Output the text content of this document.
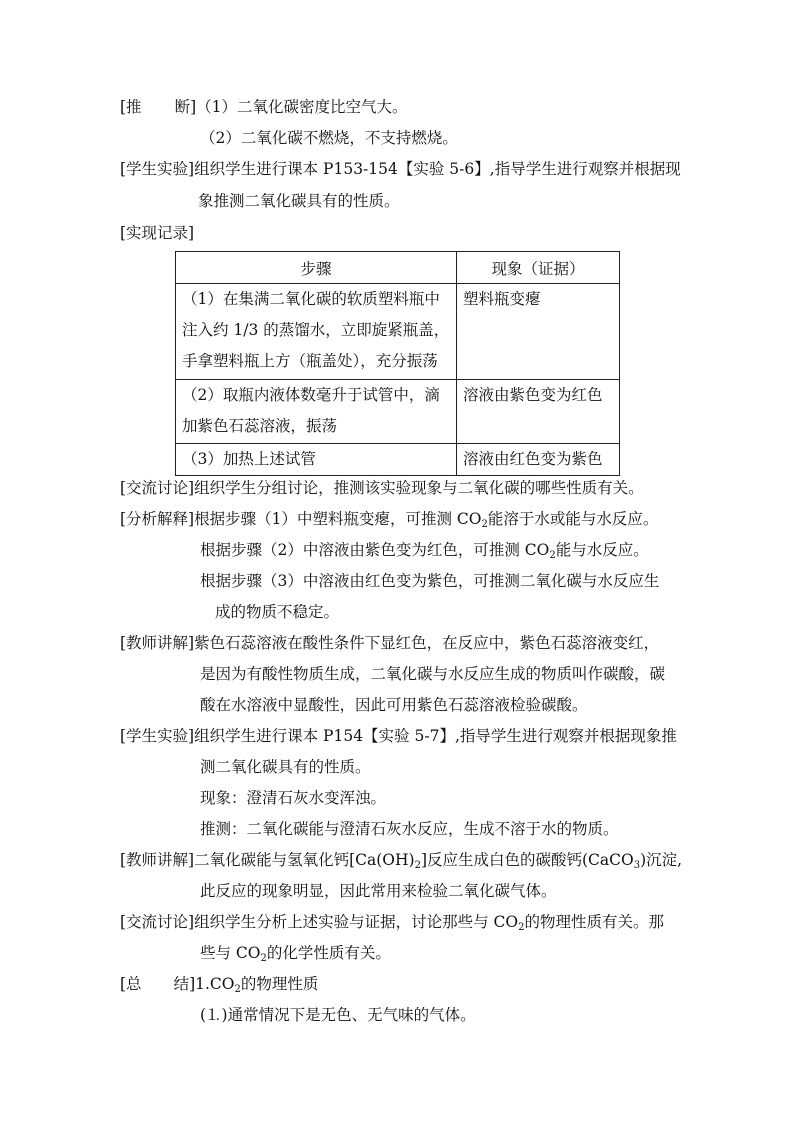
[推 断]（1）二氧化碳密度比空气大。
（2）二氧化碳不燃烧，不支持燃烧。
[学生实验]组织学生进行课本 P153-154【实验 5-6】,指导学生进行观察并根据现
象推测二氧化碳具有的性质。
[实现记录]
步骤	现象（证据）

（1）在集满二氧化碳的软质塑料瓶中
注入约 1/3 的蒸馏水，立即旋紧瓶盖，
手拿塑料瓶上方（瓶盖处），充分振荡	塑料瓶变瘪

（2）取瓶内液体数毫升于试管中，滴
加紫色石蕊溶液，振荡	溶液由紫色变为红色

（3）加热上述试管	溶液由红色变为紫色
[交流讨论]组织学生分组讨论，推测该实验现象与二氧化碳的哪些性质有关。
[分析解释]根据步骤（1）中塑料瓶变瘪，可推测 $CO_2$能溶于水或能与水反应。
根据步骤（2）中溶液由紫色变为红色，可推测 $CO_2$能与水反应。
根据步骤（3）中溶液由红色变为紫色，可推测二氧化碳与水反应生
成的物质不稳定。
[教师讲解]紫色石蕊溶液在酸性条件下显红色，在反应中，紫色石蕊溶液变红，
是因为有酸性物质生成，二氧化碳与水反应生成的物质叫作碳酸，碳
酸在水溶液中显酸性，因此可用紫色石蕊溶液检验碳酸。
[学生实验]组织学生进行课本 P154【实验 5-7】,指导学生进行观察并根据现象推
测二氧化碳具有的性质。
现象：澄清石灰水变浑浊。
推测：二氧化碳能与澄清石灰水反应，生成不溶于水的物质。
[教师讲解]二氧化碳能与氢氧化钙$[Ca(OH)_2]$反应生成白色的碳酸钙(CaCO$_3$)沉淀,
此反应的现象明显，因此常用来检验二氧化碳气体。
[交流讨论]组织学生分析上述实验与证据，讨论那些与 $CO_2$的物理性质有关。那
些与 $CO_2$的化学性质有关。
[总 结]$1.CO_2$的物理性质
(⒈)通常情况下是无色、无气味的气体。
